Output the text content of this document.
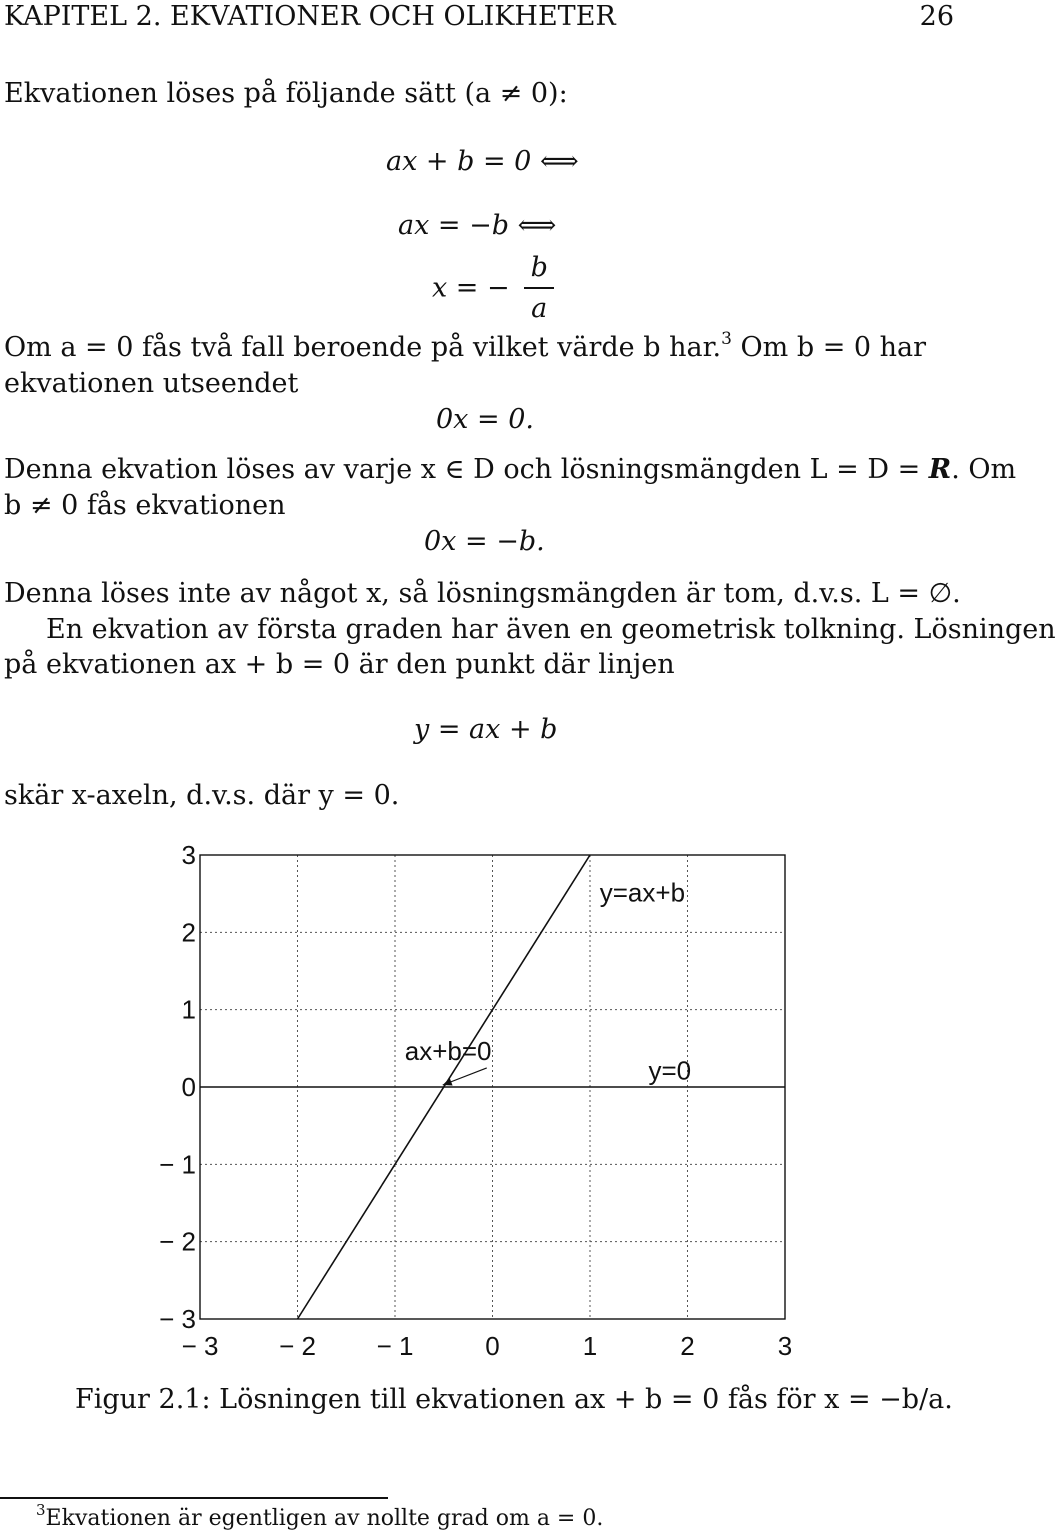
KAPITEL 2. EKVATIONER OCH OLIKHETER	26
Ekvationen löses på följande sätt (a ≠ 0):
ax + b = 0 ⟺
ax = −b ⟺
x = − $\frac{b}{a}$
Om a = 0 fås två fall beroende på vilket värde b har.$^3$ Om b = 0 har
ekvationen utseendet
0x = 0.
Denna ekvation löses av varje x ∈ D och lösningsmängden L = D = R. Om
b ≠ 0 fås ekvationen
0x = −b.
Denna löses inte av något x, så lösningsmängden är tom, d.v.s. L = ∅.
En ekvation av första graden har även en geometrisk tolkning. Lösningen
på ekvationen ax + b = 0 är den punkt där linjen
y = ax + b
skär x-axeln, d.v.s. där y = 0.
− 3 − 2 − 1	0	1	2	3
3
2
1
0
− 1
− 2
− 3
y=ax+b
y=0
ax+b=0
Figur 2.1: Lösningen till ekvationen ax + b = 0 fås för x = −b/a.
$^3$Ekvationen är egentligen av nollte grad om a = 0.
